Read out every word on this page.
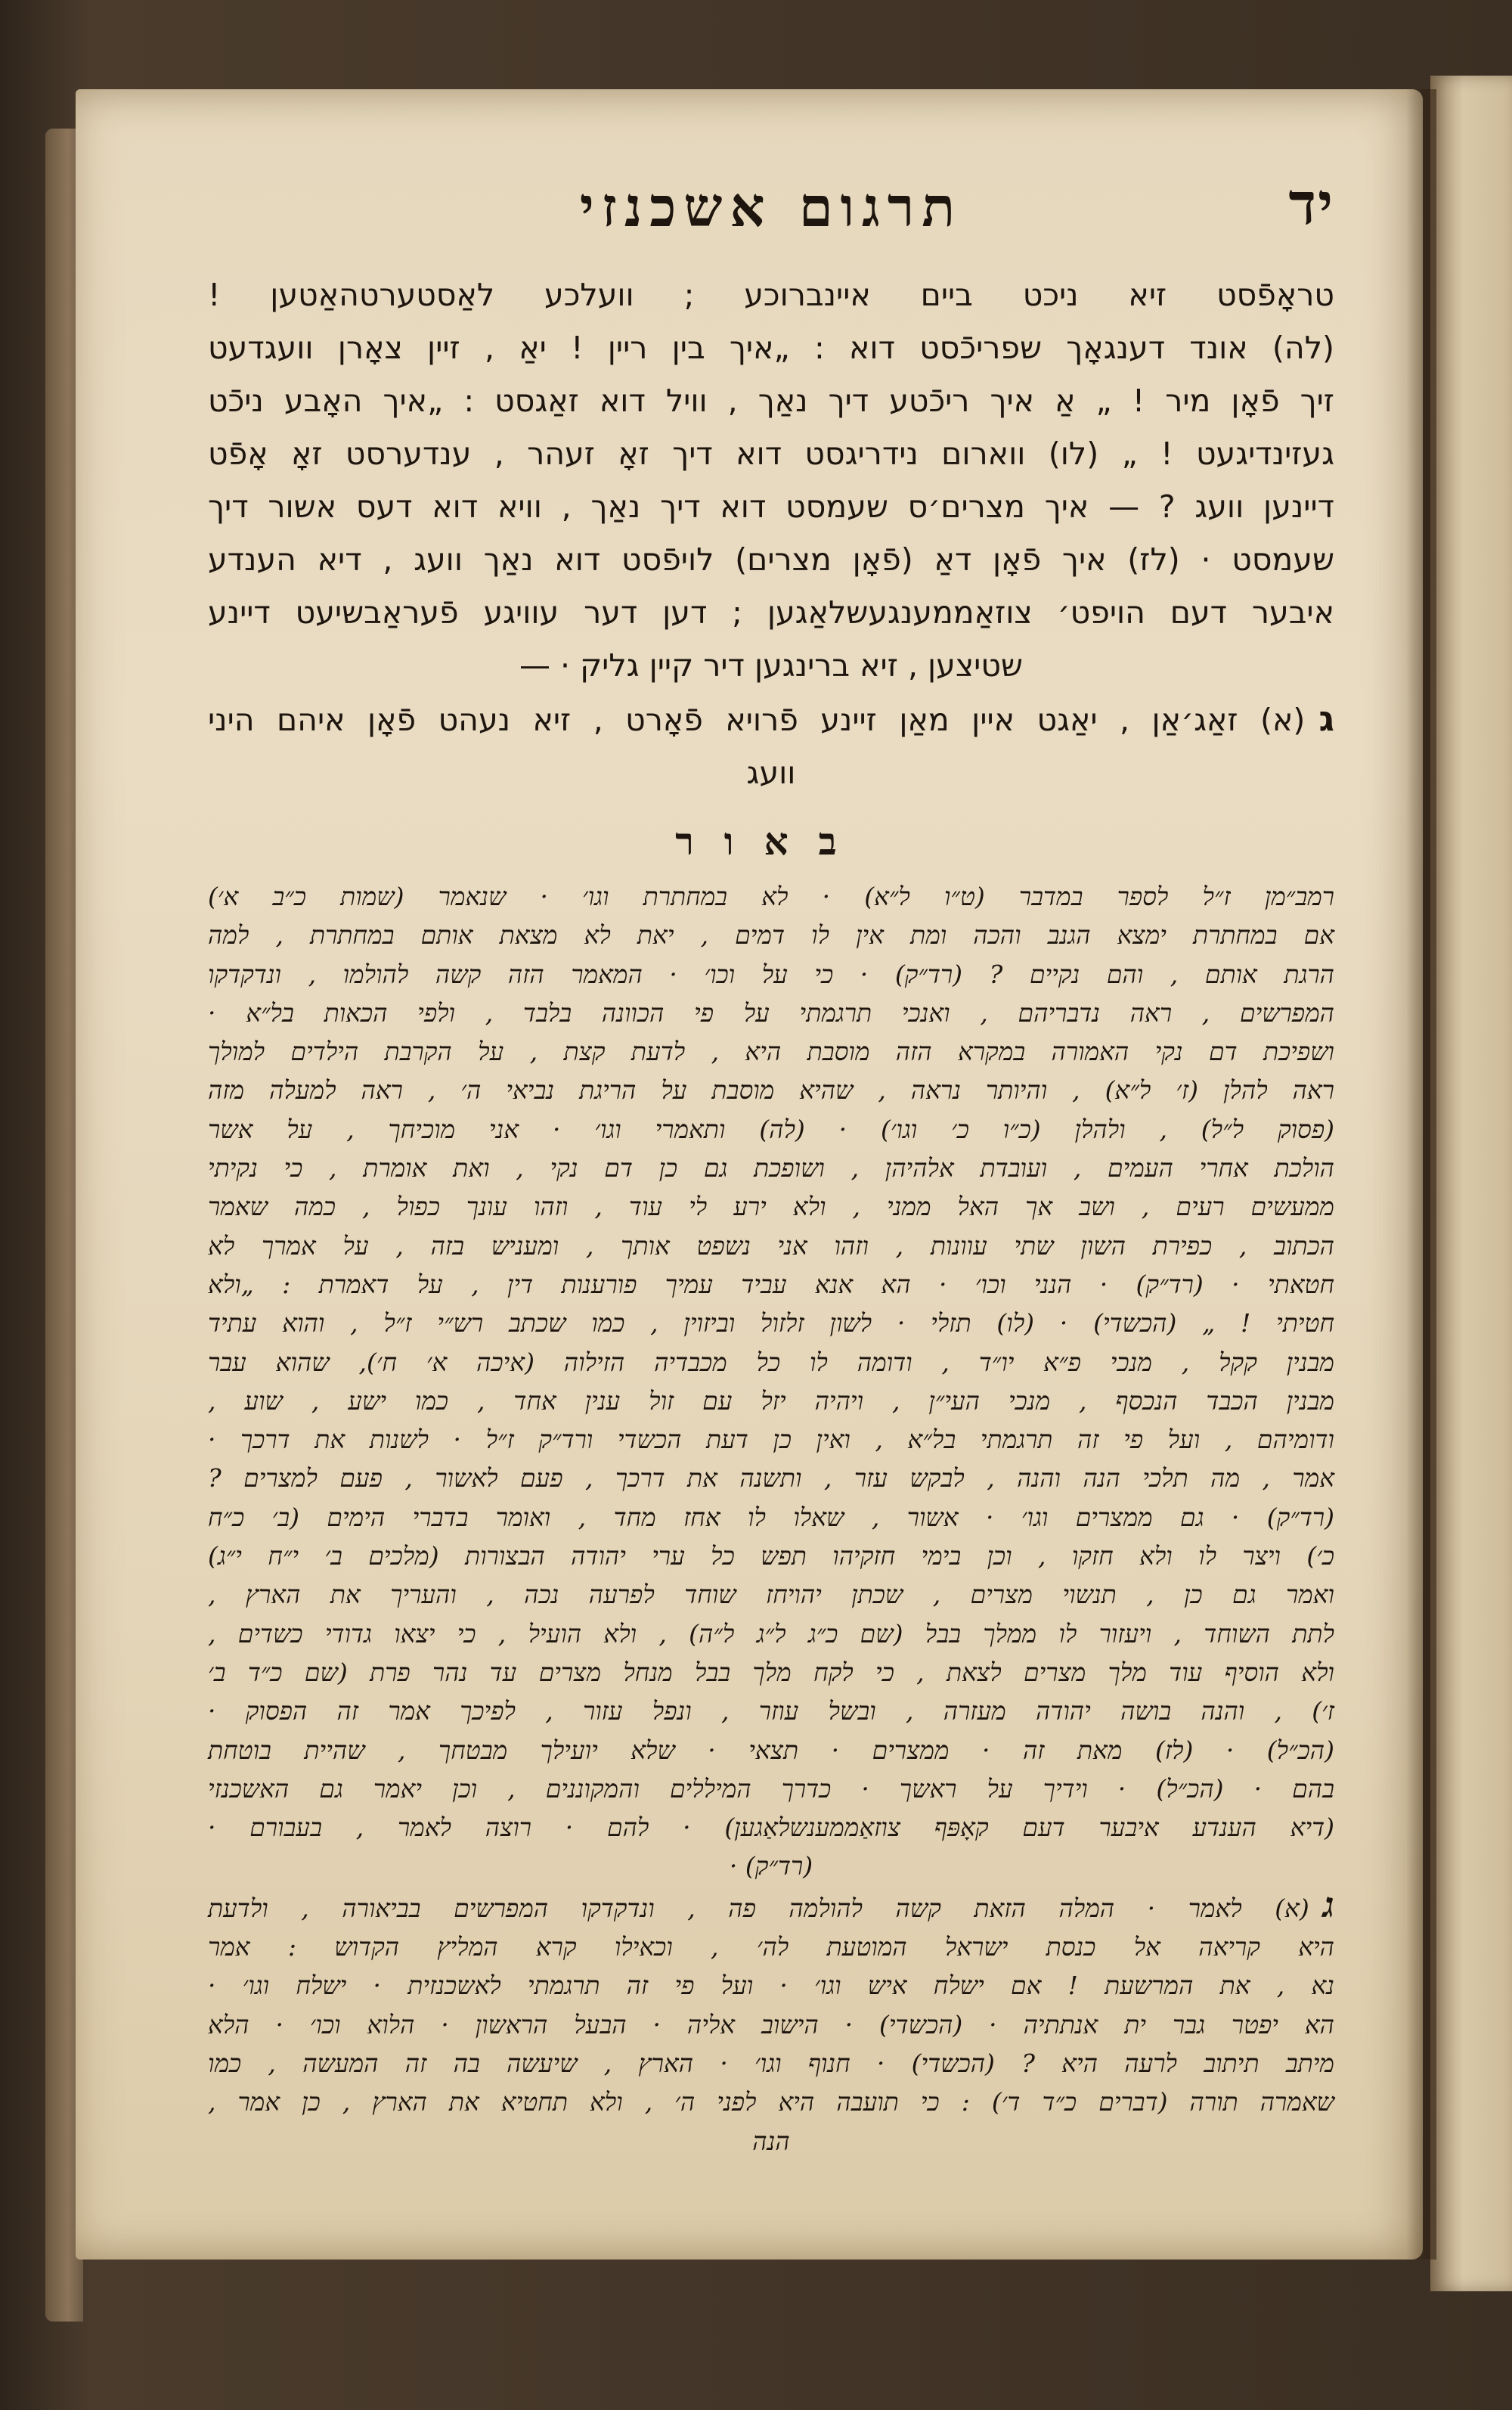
יד
תרגום אשכנזי
טראָפֿסט זיא ניכט ביים איינברוכע ; וועלכע לאַסטערטהאַטען !
(לה) אונד דענגאָך שפריכֿסט דוא : „איך בין ריין ! יאַ , זיין צאָרן וועגדעט
זיך פֿאָן מיר ! „ אַ איך ריכֿטע דיך נאַך , וויל דוא זאַגסט : „איך האָבע ניכֿט
געזינדיגעט ! „ (לו) ווארום נידריגסט דוא דיך זאָ זעהר , ענדערסט זאָ אָפֿט
דיינען וועג ? — איך מצרים׳ס שעמסט דוא דיך נאַך , וויא דוא דעס אשור דיך
שעמסט · (לז) איך פֿאָן דאַ (פֿאָן מצרים) לויפֿסט דוא נאַך וועג , דיא הענדע
איבער דעם הויפט׳ צוזאַממענגעשלאַגען ; דען דער עוויגע פֿעראַבשיעט דיינע
שטיצען , זיא ברינגען דיר קיין גליק · —
ג(א) זאַג׳אַן , יאַגט איין מאַן זיינע פֿרויא פֿאָרט , זיא נעהט פֿאָן איהם היני
וועג
באור
רמב״מן ז״ל לספר במדבר (ט״ו ל״א) · לא במחתרת וגו׳ · שנאמר (שמות כ״ב א׳)
אם במחתרת ימצא הגנב והכה ומת אין לו דמים , יאת לא מצאת אותם במחתרת , למה
הרגת אותם , והם נקיים ? (רד״ק) · כי על וכו׳ · המאמר הזה קשה להולמו , ונדקדקו
המפרשים , ראה נדבריהם , ואנכי תרגמתי על פי הכוונה בלבד , ולפי הכאות בל״א ·
ושפיכת דם נקי האמורה במקרא הזה מוסבת היא , לדעת קצת , על הקרבת הילדים למולך
ראה להלן (ז׳ ל״א) , והיותר נראה , שהיא מוסבת על הריגת נביאי ה׳ , ראה למעלה מזה
(פסוק ל״ל) , ולהלן (כ״ו כ׳ וגו׳) · (לה) ותאמרי וגו׳ · אני מוכיחך , על אשר
הולכת אחרי העמים , ועובדת אלהיהן , ושופכת גם כן דם נקי , ואת אומרת , כי נקיתי
ממעשים רעים , ושב אך האל ממני , ולא ירע לי עוד , וזהו עונך כפול , כמה שאמר
הכתוב , כפירת השון שתי עוונות , וזהו אני נשפט אותך , ומעניש בזה , על אמרך לא
חטאתי · (רד״ק) · הנני וכו׳ · הא אנא עביד עמיך פורענות דין , על דאמרת : „ולא
חטיתי ! „ (הכשדי) · (לו) תזלי · לשון זלזול וביזוין , כמו שכתב רש״י ז״ל , והוא עתיד
מבנין קקל , מנכי פ״א יו״ד , ודומה לו כל מכבדיה הזילוה (איכה א׳ ח׳), שהוא עבר
מבנין הכבד הנכסף , מנכי העי״ן , ויהיה יזל עם זול ענין אחד , כמו ישע , שוע ,
ודומיהם , ועל פי זה תרגמתי בל״א , ואין כן דעת הכשדי ורד״ק ז״ל · לשנות את דרכך ·
אמר , מה תלכי הנה והנה , לבקש עזר , ותשנה את דרכך , פעם לאשור , פעם למצרים ?
(רד״ק) · גם ממצרים וגו׳ · אשור , שאלו לו אחז מחד , ואומר בדברי הימים (ב׳ כ״ח
כ׳) ויצר לו ולא חזקו , וכן בימי חזקיהו תפש כל ערי יהודה הבצורות (מלכים ב׳ י״ח י״ג)
ואמר גם כן , תנשוי מצרים , שכתן יהויחז שוחד לפרעה נכה , והעריך את הארץ ,
לתת השוחד , ויעזור לו ממלך בבל (שם כ״ג ל״ג ל״ה) , ולא הועיל , כי יצאו גדודי כשדים ,
ולא הוסיף עוד מלך מצרים לצאת , כי לקח מלך בבל מנחל מצרים עד נהר פרת (שם כ״ד ב׳
ז׳) , והנה בושה יהודה מעזרה , ובשל עוזר , ונפל עזור , לפיכך אמר זה הפסוק ·
(הכ״ל) · (לז) מאת זה · ממצרים · תצאי · שלא יועילך מבטחך , שהיית בוטחת
בהם · (הכ״ל) · וידיך על ראשך · כדרך המיללים והמקוננים , וכן יאמר גם האשכנזי
(דיא הענדע איבער דעם קאָפּף צוזאַממענשלאַגען) · להם · רוצה לאמר , בעבורם ·
(רד״ק) ·
ג(א) לאמר · המלה הזאת קשה להולמה פה , ונדקדקו המפרשים בביאורה , ולדעת
היא קריאה אל כנסת ישראל המוטעת לה׳ , וכאילו קרא המליץ הקדוש : אמר
נא , את המרשעת ! אם ישלח איש וגו׳ · ועל פי זה תרגמתי לאשכנזית · ישלח וגו׳ ·
הא יפטר גבר ית אנתתיה · (הכשדי) · הישוב אליה · הבעל הראשון · הלוא וכו׳ · הלא
מיתב תיתוב לרעה היא ? (הכשדי) · חנוף וגו׳ · הארץ , שיעשה בה זה המעשה , כמו
שאמרה תורה (דברים כ״ד ד׳) : כי תועבה היא לפני ה׳ , ולא תחטיא את הארץ , כן אמר ,
הנה
